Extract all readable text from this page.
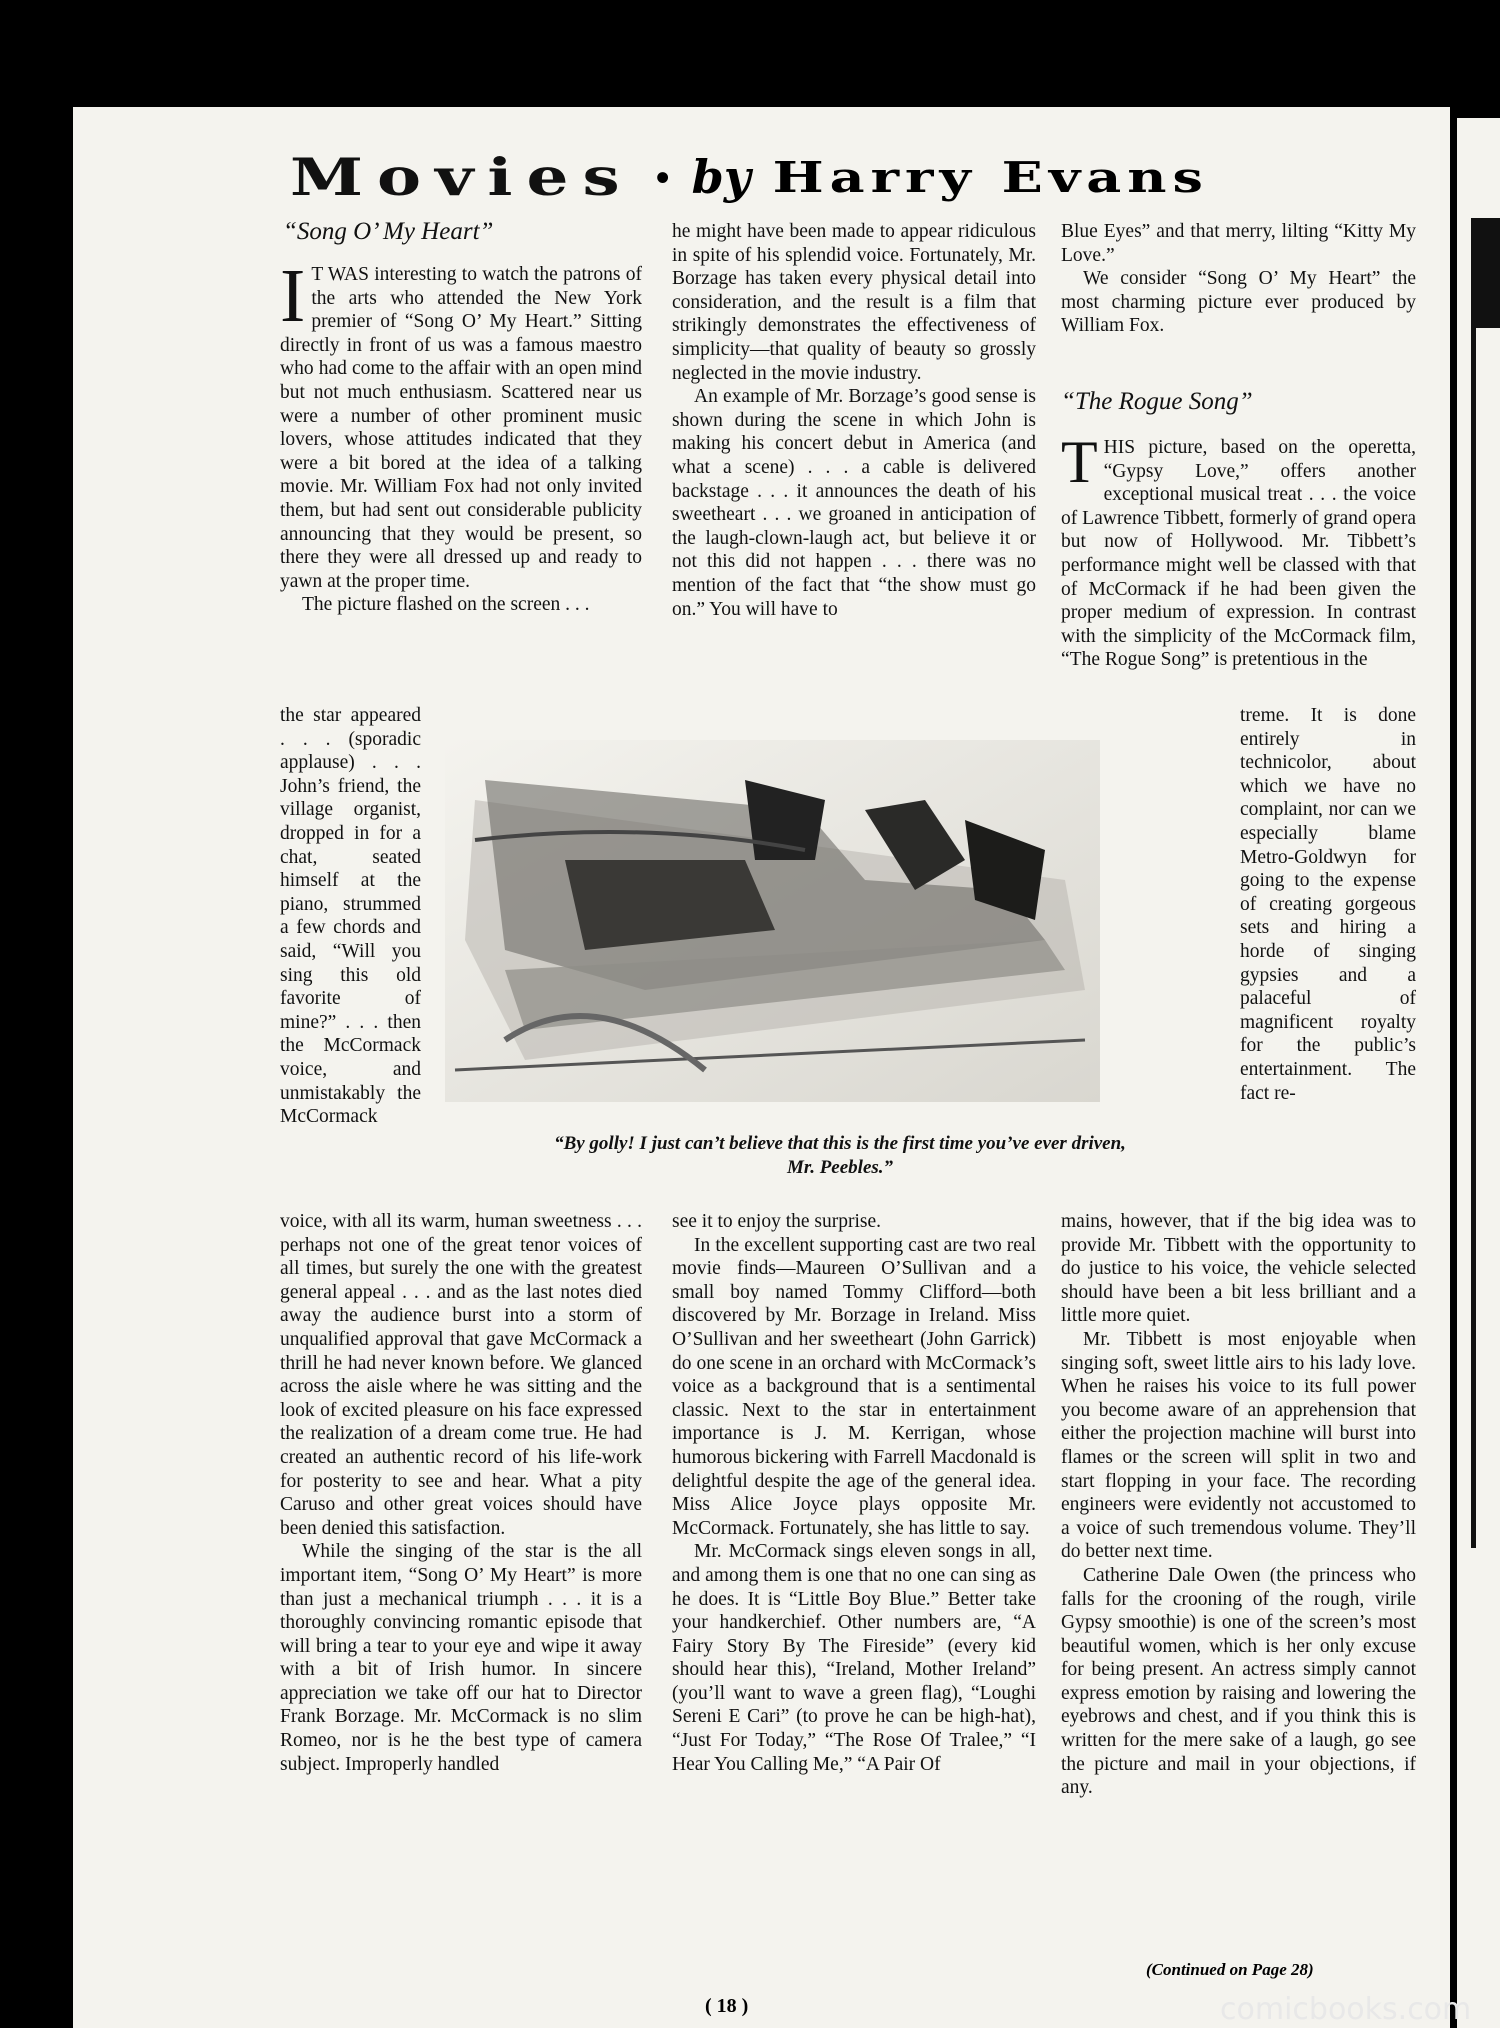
Movies • by Harry Evans
“Song O’ My Heart”
I T WAS interesting to watch the patrons of the arts who attended the New York premier of “Song O’ My Heart.” Sitting directly in front of us was a famous maestro who had come to the affair with an open mind but not much enthusiasm. Scattered near us were a number of other prominent music lovers, whose attitudes indicated that they were a bit bored at the idea of a talking movie. Mr. William Fox had not only invited them, but had sent out considerable publicity announcing that they would be present, so there they were all dressed up and ready to yawn at the proper time.

The picture flashed on the screen . . .

the star appeared . . . (sporadic applause) . . . John’s friend, the village organist, dropped in for a chat, seated himself at the piano, strummed a few chords and said, “Will you sing this old favorite of mine?” . . . then the McCormack voice, and unmistakably the McCormack

voice, with all its warm, human sweetness . . . perhaps not one of the great tenor voices of all times, but surely the one with the greatest general appeal . . . and as the last notes died away the audience burst into a storm of unqualified approval that gave McCormack a thrill he had never known before. We glanced across the aisle where he was sitting and the look of excited pleasure on his face expressed the realization of a dream come true. He had created an authentic record of his life-work for posterity to see and hear. What a pity Caruso and other great voices should have been denied this satisfaction.

While the singing of the star is the all important item, “Song O’ My Heart” is more than just a mechanical triumph . . . it is a thoroughly convincing romantic episode that will bring a tear to your eye and wipe it away with a bit of Irish humor. In sincere appreciation we take off our hat to Director Frank Borzage. Mr. McCormack is no slim Romeo, nor is he the best type of camera subject. Improperly handled

he might have been made to appear ridiculous in spite of his splendid voice. Fortunately, Mr. Borzage has taken every physical detail into consideration, and the result is a film that strikingly demonstrates the effectiveness of simplicity—that quality of beauty so grossly neglected in the movie industry.

An example of Mr. Borzage’s good sense is shown during the scene in which John is making his concert debut in America (and what a scene) . . . a cable is delivered backstage . . . it announces the death of his sweetheart . . . we groaned in anticipation of the laugh-clown-laugh act, but believe it or not this did not happen . . . there was no mention of the fact that “the show must go on.” You will have to

see it to enjoy the surprise.

In the excellent supporting cast are two real movie finds—Maureen O’Sullivan and a small boy named Tommy Clifford—both discovered by Mr. Borzage in Ireland. Miss O’Sullivan and her sweetheart (John Garrick) do one scene in an orchard with McCormack’s voice as a background that is a sentimental classic. Next to the star in entertainment importance is J. M. Kerrigan, whose humorous bickering with Farrell Macdonald is delightful despite the age of the general idea. Miss Alice Joyce plays opposite Mr. McCormack. Fortunately, she has little to say.

Mr. McCormack sings eleven songs in all, and among them is one that no one can sing as he does. It is “Little Boy Blue.” Better take your handkerchief. Other numbers are, “A Fairy Story By The Fireside” (every kid should hear this), “Ireland, Mother Ireland” (you’ll want to wave a green flag), “Loughi Sereni E Cari” (to prove he can be high-hat), “Just For Today,” “The Rose Of Tralee,” “I Hear You Calling Me,” “A Pair Of

Blue Eyes” and that merry, lilting “Kitty My Love.”

We consider “Song O’ My Heart” the most charming picture ever produced by William Fox.

“The Rogue Song”
T HIS picture, based on the operetta, “Gypsy Love,” offers another exceptional musical treat . . . the voice of Lawrence Tibbett, formerly of grand opera but now of Hollywood. Mr. Tibbett’s performance might well be classed with that of McCormack if he had been given the proper medium of expression. In contrast with the simplicity of the McCormack film, “The Rogue Song” is pretentious in the

treme. It is done entirely in technicolor, about which we have no complaint, nor can we especially blame Metro-Goldwyn for going to the expense of creating gorgeous sets and hiring a horde of singing gypsies and a palaceful of magnificent royalty for the public’s entertainment. The fact re-

mains, however, that if the big idea was to provide Mr. Tibbett with the opportunity to do justice to his voice, the vehicle selected should have been a bit less brilliant and a little more quiet.

Mr. Tibbett is most enjoyable when singing soft, sweet little airs to his lady love. When he raises his voice to its full power you become aware of an apprehension that either the projection machine will burst into flames or the screen will split in two and start flopping in your face. The recording engineers were evidently not accustomed to a voice of such tremendous volume. They’ll do better next time.

Catherine Dale Owen (the princess who falls for the crooning of the rough, virile Gypsy smoothie) is one of the screen’s most beautiful women, which is her only excuse for being present. An actress simply cannot express emotion by raising and lowering the eyebrows and chest, and if you think this is written for the mere sake of a laugh, go see the picture and mail in your objections, if any.

(Continued on Page 28)
“By golly! I just can’t believe that this is the first time you’ve ever driven, Mr. Peebles.”
( 18 )	comicbooks.com
